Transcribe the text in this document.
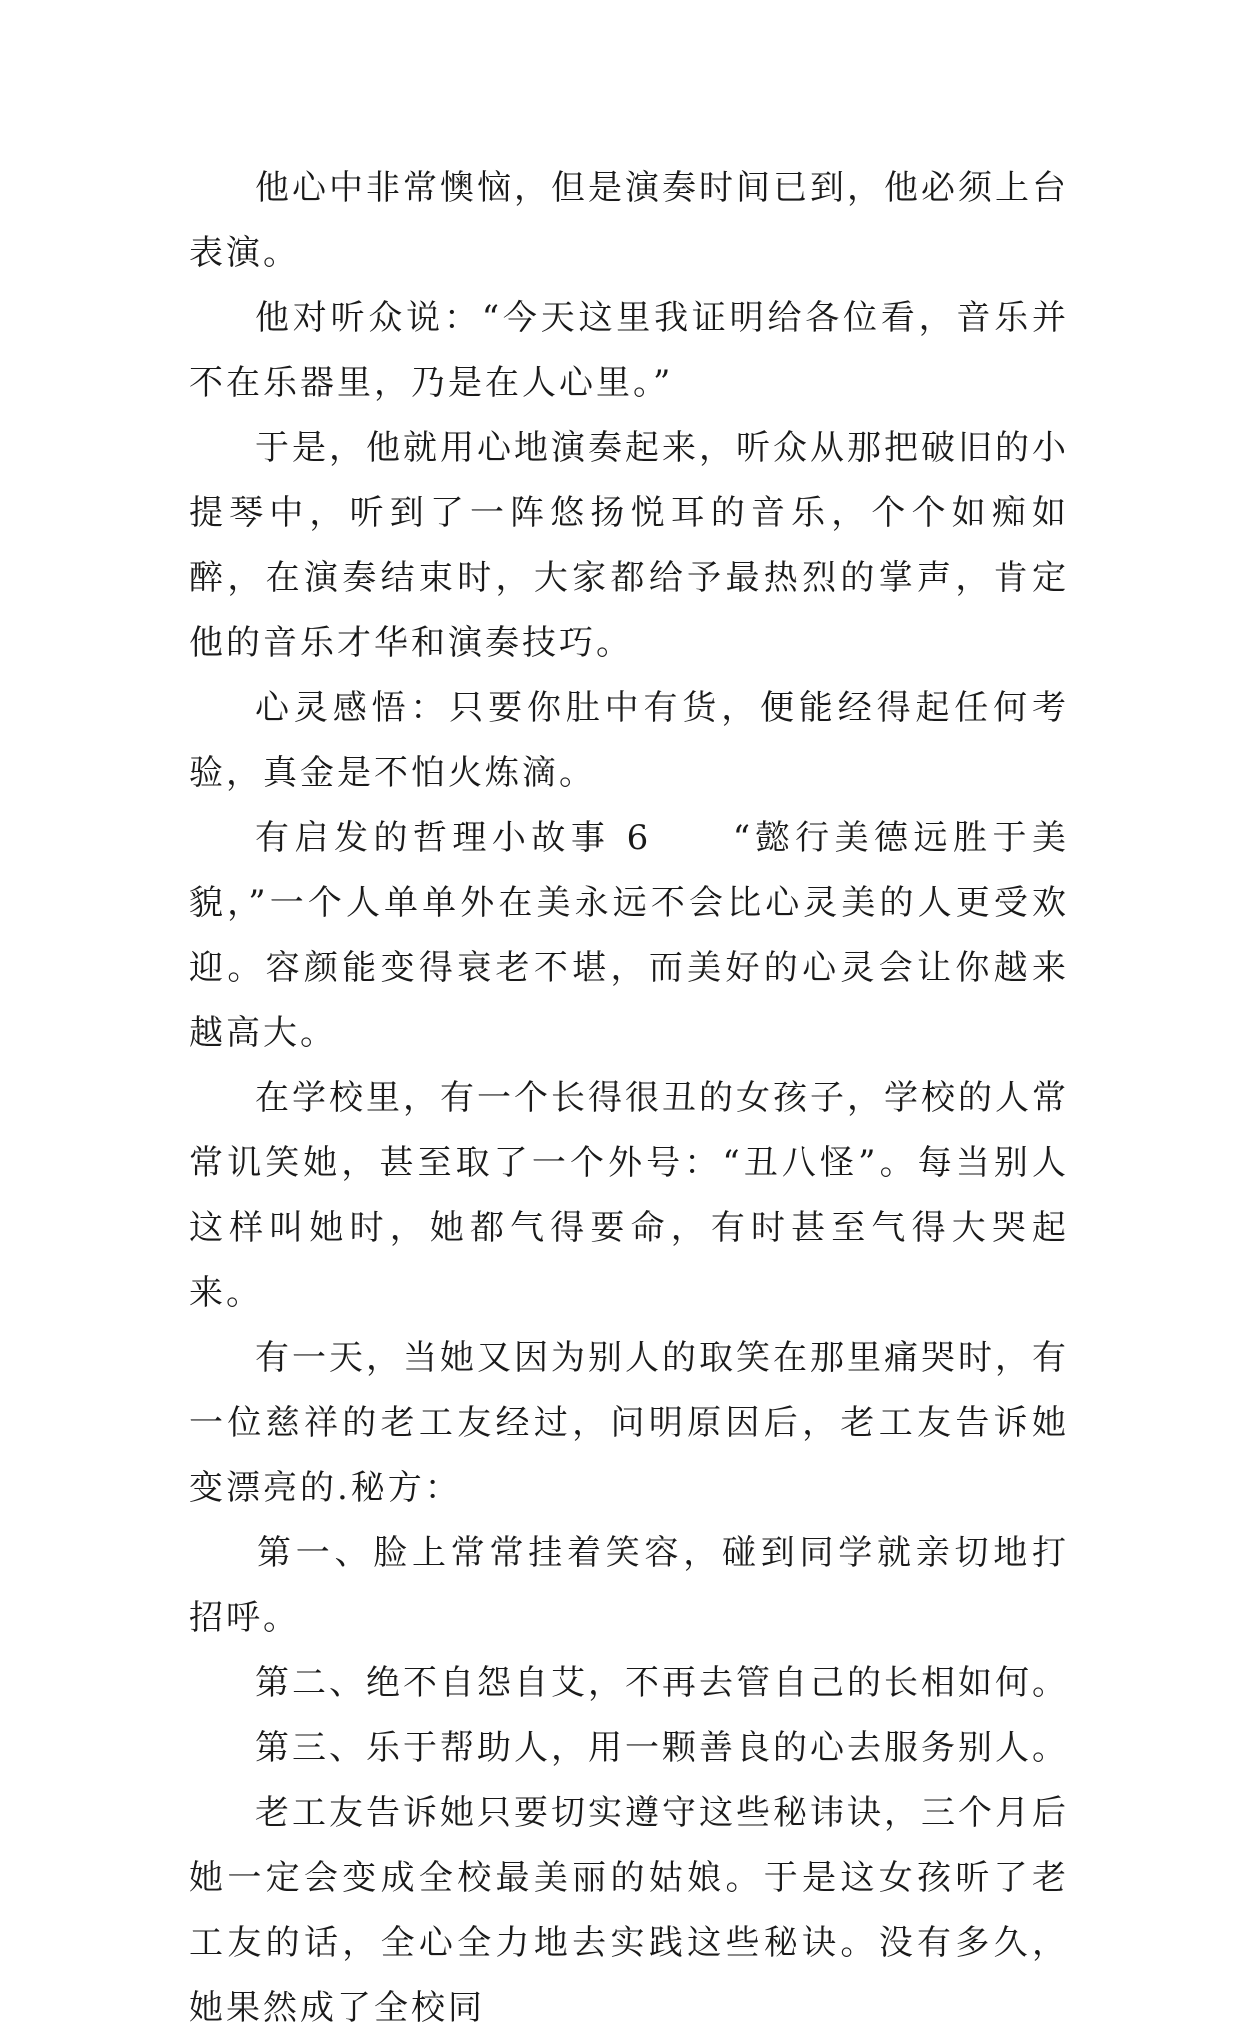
他心中非常懊恼，但是演奏时间已到，他必须上台表演。

他对听众说：“今天这里我证明给各位看，音乐并不在乐器里，乃是在人心里。”

于是，他就用心地演奏起来，听众从那把破旧的小提琴中，听到了一阵悠扬悦耳的音乐，个个如痴如醉，在演奏结束时，大家都给予最热烈的掌声，肯定他的音乐才华和演奏技巧。

心灵感悟：只要你肚中有货，便能经得起任何考验，真金是不怕火炼滴。

有启发的哲理小故事 6　　“懿行美德远胜于美貌，”一个人单单外在美永远不会比心灵美的人更受欢迎。容颜能变得衰老不堪，而美好的心灵会让你越来越高大。

在学校里，有一个长得很丑的女孩子，学校的人常常讥笑她，甚至取了一个外号：“丑八怪”。每当别人这样叫她时，她都气得要命，有时甚至气得大哭起来。

有一天，当她又因为别人的取笑在那里痛哭时，有一位慈祥的老工友经过，问明原因后，老工友告诉她变漂亮的.秘方：

第一、脸上常常挂着笑容，碰到同学就亲切地打招呼。

第二、绝不自怨自艾，不再去管自己的长相如何。

第三、乐于帮助人，用一颗善良的心去服务别人。

老工友告诉她只要切实遵守这些秘讳诀，三个月后她一定会变成全校最美丽的姑娘。于是这女孩听了老工友的话，全心全力地去实践这些秘诀。没有多久，她果然成了全校同
